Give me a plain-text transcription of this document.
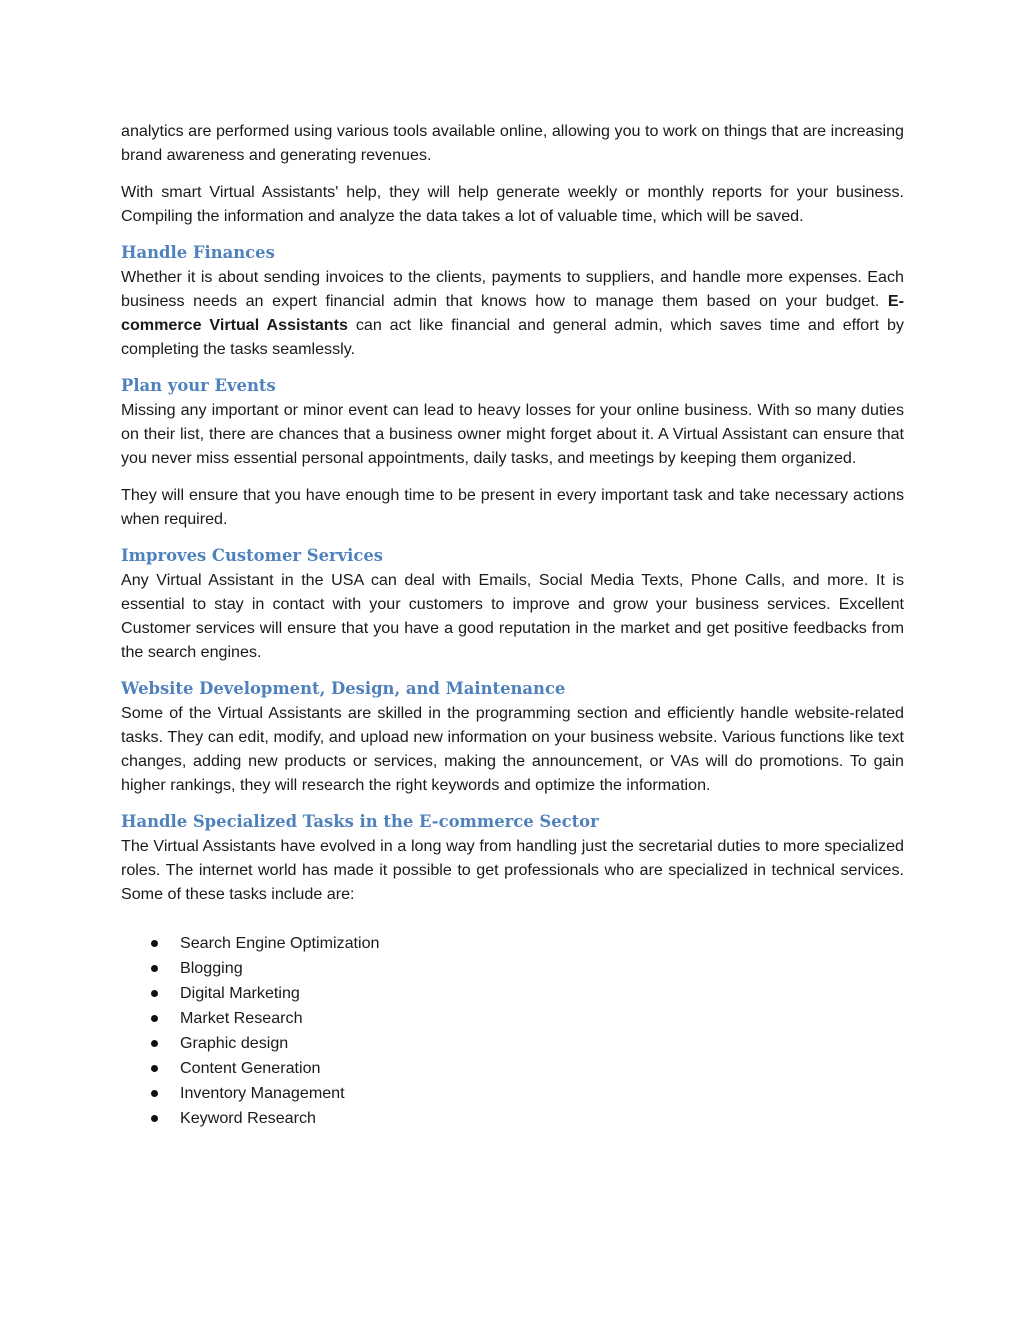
analytics are performed using various tools available online, allowing you to work on things that are increasing brand awareness and generating revenues.

With smart Virtual Assistants' help, they will help generate weekly or monthly reports for your business. Compiling the information and analyze the data takes a lot of valuable time, which will be saved.

Handle Finances

Whether it is about sending invoices to the clients, payments to suppliers, and handle more expenses. Each business needs an expert financial admin that knows how to manage them based on your budget. E-commerce Virtual Assistants can act like financial and general admin, which saves time and effort by completing the tasks seamlessly.

Plan your Events

Missing any important or minor event can lead to heavy losses for your online business. With so many duties on their list, there are chances that a business owner might forget about it. A Virtual Assistant can ensure that you never miss essential personal appointments, daily tasks, and meetings by keeping them organized.

They will ensure that you have enough time to be present in every important task and take necessary actions when required.

Improves Customer Services

Any Virtual Assistant in the USA can deal with Emails, Social Media Texts, Phone Calls, and more. It is essential to stay in contact with your customers to improve and grow your business services. Excellent Customer services will ensure that you have a good reputation in the market and get positive feedbacks from the search engines.

Website Development, Design, and Maintenance

Some of the Virtual Assistants are skilled in the programming section and efficiently handle website-related tasks. They can edit, modify, and upload new information on your business website. Various functions like text changes, adding new products or services, making the announcement, or VAs will do promotions. To gain higher rankings, they will research the right keywords and optimize the information.

Handle Specialized Tasks in the E-commerce Sector

The Virtual Assistants have evolved in a long way from handling just the secretarial duties to more specialized roles. The internet world has made it possible to get professionals who are specialized in technical services. Some of these tasks include are:

Search Engine Optimization
Blogging
Digital Marketing
Market Research
Graphic design
Content Generation
Inventory Management
Keyword Research
